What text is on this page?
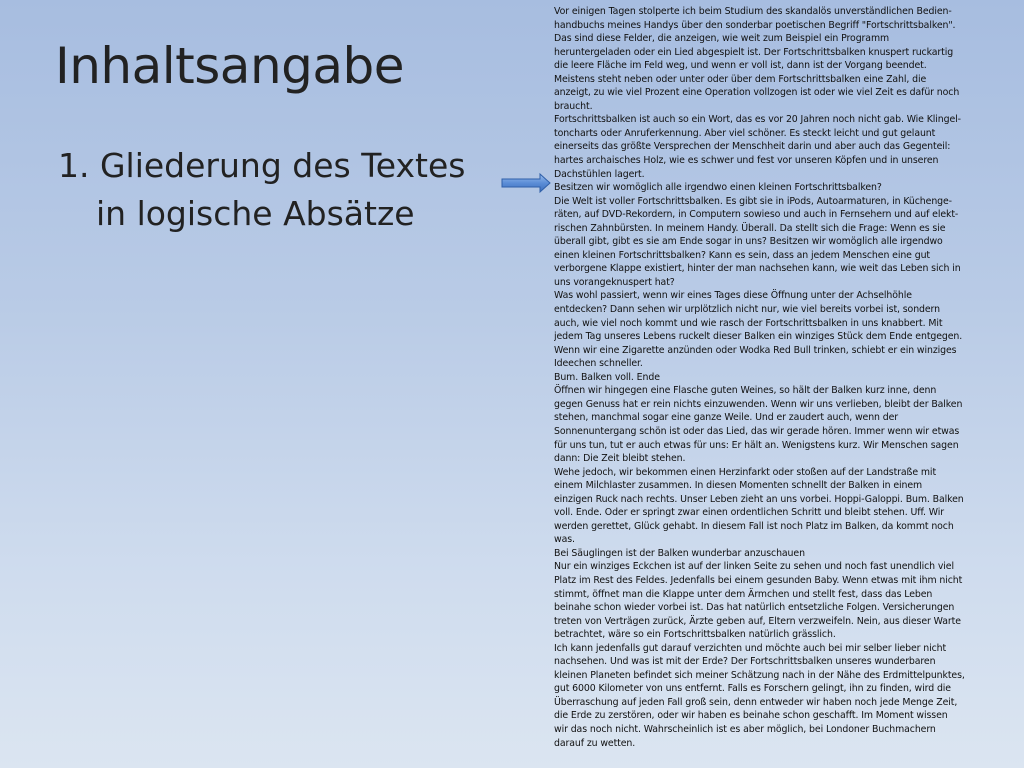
Inhaltsangabe
1. Gliederung des Textes
in logische Absätze

Vor einigen Tagen stolperte ich beim Studium des skandalös unverständlichen Bedien-
handbuchs meines Handys über den sonderbar poetischen Begriff "Fortschrittsbalken".
Das sind diese Felder, die anzeigen, wie weit zum Beispiel ein Programm
heruntergeladen oder ein Lied abgespielt ist. Der Fortschrittsbalken knuspert ruckartig
die leere Fläche im Feld weg, und wenn er voll ist, dann ist der Vorgang beendet.
Meistens steht neben oder unter oder über dem Fortschrittsbalken eine Zahl, die
anzeigt, zu wie viel Prozent eine Operation vollzogen ist oder wie viel Zeit es dafür noch
braucht.

Fortschrittsbalken ist auch so ein Wort, das es vor 20 Jahren noch nicht gab. Wie Klingel-
toncharts oder Anruferkennung. Aber viel schöner. Es steckt leicht und gut gelaunt
einerseits das größte Versprechen der Menschheit darin und aber auch das Gegenteil:
hartes archaisches Holz, wie es schwer und fest vor unseren Köpfen und in unseren
Dachstühlen lagert.

Besitzen wir womöglich alle irgendwo einen kleinen Fortschrittsbalken?

Die Welt ist voller Fortschrittsbalken. Es gibt sie in iPods, Autoarmaturen, in Küchenge-
räten, auf DVD-Rekordern, in Computern sowieso und auch in Fernsehern und auf elekt-
rischen Zahnbürsten. In meinem Handy. Überall. Da stellt sich die Frage: Wenn es sie
überall gibt, gibt es sie am Ende sogar in uns? Besitzen wir womöglich alle irgendwo
einen kleinen Fortschrittsbalken? Kann es sein, dass an jedem Menschen eine gut
verborgene Klappe existiert, hinter der man nachsehen kann, wie weit das Leben sich in
uns vorangeknuspert hat?

Was wohl passiert, wenn wir eines Tages diese Öffnung unter der Achselhöhle
entdecken? Dann sehen wir urplötzlich nicht nur, wie viel bereits vorbei ist, sondern
auch, wie viel noch kommt und wie rasch der Fortschrittsbalken in uns knabbert. Mit
jedem Tag unseres Lebens ruckelt dieser Balken ein winziges Stück dem Ende entgegen.
Wenn wir eine Zigarette anzünden oder Wodka Red Bull trinken, schiebt er ein winziges
Ideechen schneller.

Bum. Balken voll. Ende

Öffnen wir hingegen eine Flasche guten Weines, so hält der Balken kurz inne, denn
gegen Genuss hat er rein nichts einzuwenden. Wenn wir uns verlieben, bleibt der Balken
stehen, manchmal sogar eine ganze Weile. Und er zaudert auch, wenn der
Sonnenuntergang schön ist oder das Lied, das wir gerade hören. Immer wenn wir etwas
für uns tun, tut er auch etwas für uns: Er hält an. Wenigstens kurz. Wir Menschen sagen
dann: Die Zeit bleibt stehen.

Wehe jedoch, wir bekommen einen Herzinfarkt oder stoßen auf der Landstraße mit
einem Milchlaster zusammen. In diesen Momenten schnellt der Balken in einem
einzigen Ruck nach rechts. Unser Leben zieht an uns vorbei. Hoppi-Galoppi. Bum. Balken
voll. Ende. Oder er springt zwar einen ordentlichen Schritt und bleibt stehen. Uff. Wir
werden gerettet, Glück gehabt. In diesem Fall ist noch Platz im Balken, da kommt noch
was.

Bei Säuglingen ist der Balken wunderbar anzuschauen

Nur ein winziges Eckchen ist auf der linken Seite zu sehen und noch fast unendlich viel
Platz im Rest des Feldes. Jedenfalls bei einem gesunden Baby. Wenn etwas mit ihm nicht
stimmt, öffnet man die Klappe unter dem Ärmchen und stellt fest, dass das Leben
beinahe schon wieder vorbei ist. Das hat natürlich entsetzliche Folgen. Versicherungen
treten von Verträgen zurück, Ärzte geben auf, Eltern verzweifeln. Nein, aus dieser Warte
betrachtet, wäre so ein Fortschrittsbalken natürlich grässlich.

Ich kann jedenfalls gut darauf verzichten und möchte auch bei mir selber lieber nicht
nachsehen. Und was ist mit der Erde? Der Fortschrittsbalken unseres wunderbaren
kleinen Planeten befindet sich meiner Schätzung nach in der Nähe des Erdmittelpunktes,
gut 6000 Kilometer von uns entfernt. Falls es Forschern gelingt, ihn zu finden, wird die
Überraschung auf jeden Fall groß sein, denn entweder wir haben noch jede Menge Zeit,
die Erde zu zerstören, oder wir haben es beinahe schon geschafft. Im Moment wissen
wir das noch nicht. Wahrscheinlich ist es aber möglich, bei Londoner Buchmachern
darauf zu wetten.
